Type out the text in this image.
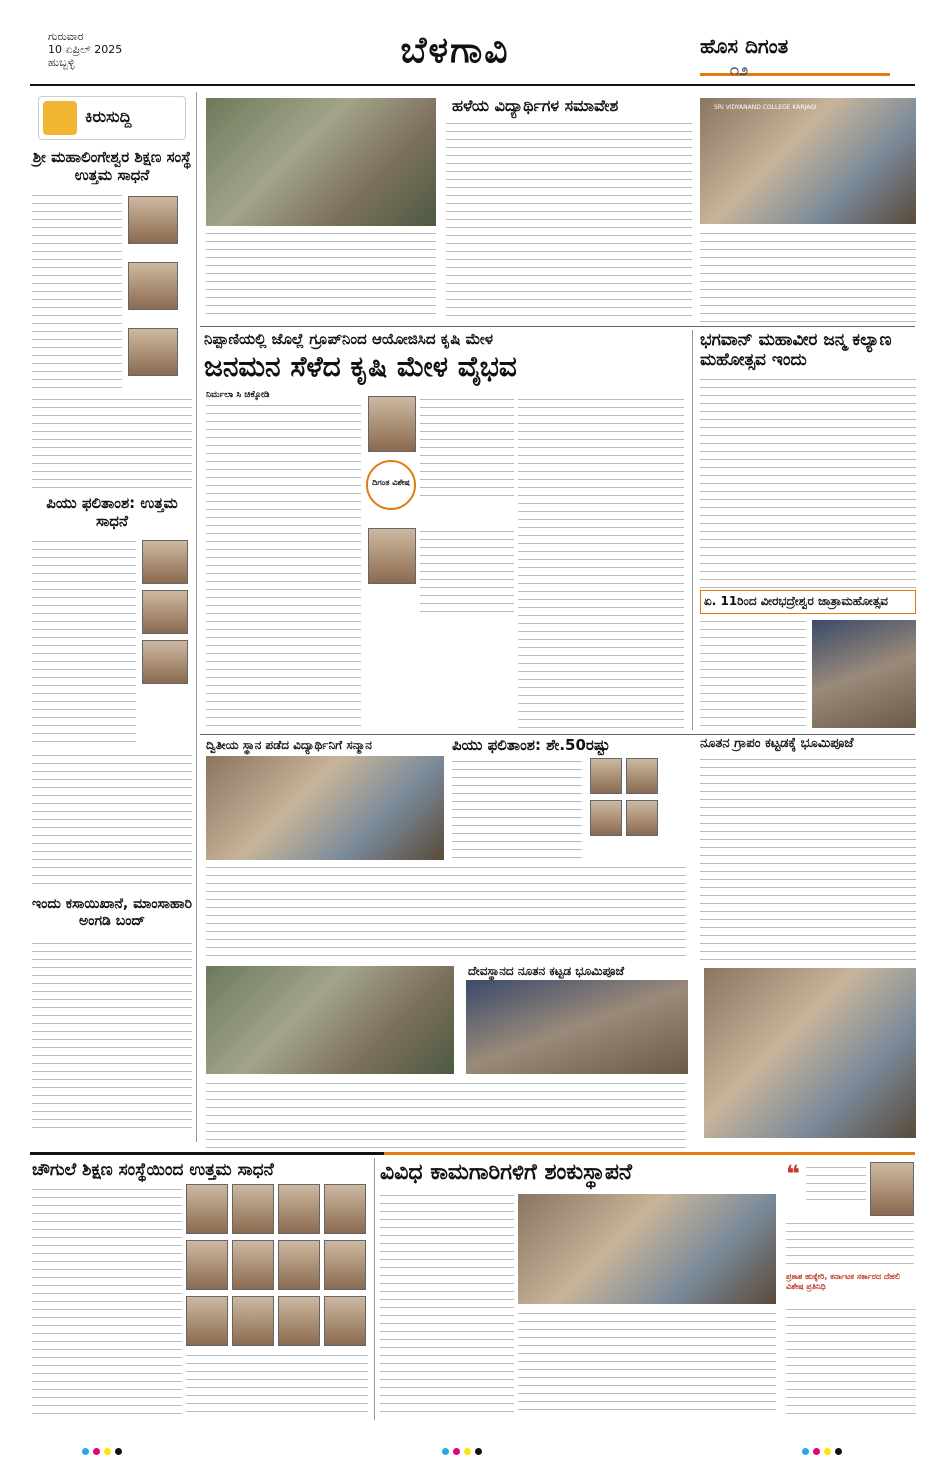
ಗುರುವಾರ
10 ಏಪ್ರಿಲ್ 2025
ಹುಬ್ಬಳ್ಳಿ	ಬೆಳಗಾವಿ	ಹೊಸ ದಿಗಂತ
೧೨
ಕಿರುಸುದ್ದಿ
ಶ್ರೀ ಮಹಾಲಿಂಗೇಶ್ವರ ಶಿಕ್ಷಣ ಸಂಸ್ಥೆ ಉತ್ತಮ ಸಾಧನೆ
ಪಿಯು ಫಲಿತಾಂಶ: ಉತ್ತಮ ಸಾಧನೆ
ಇಂದು ಕಸಾಯಿಖಾನೆ, ಮಾಂಸಾಹಾರಿ ಅಂಗಡಿ ಬಂದ್
ಹಳೆಯ ವಿದ್ಯಾರ್ಥಿಗಳ ಸಮಾವೇಶ	SRI VIDYANAND COLLEGE KARJAGI
ನಿಪ್ಪಾಣಿಯಲ್ಲಿ ಜೊಲ್ಲೆ ಗ್ರೂಪ್‌ನಿಂದ ಆಯೋಜಿಸಿದ ಕೃಷಿ ಮೇಳ
ಜನಮನ ಸೆಳೆದ ಕೃಷಿ ಮೇಳ ವೈಭವ
ನಿರ್ಮಲಾ ಸಿ ಚಿಕ್ಕೋಡಿ
ದಿಗಂತ ವಿಶೇಷ
ಭಗವಾನ್ ಮಹಾವೀರ ಜನ್ಮ ಕಲ್ಯಾಣ ಮಹೋತ್ಸವ ಇಂದು
ಏ. 11ರಿಂದ ವೀರಭದ್ರೇಶ್ವರ ಜಾತ್ರಾಮಹೋತ್ಸವ
ದ್ವಿತೀಯ ಸ್ಥಾನ ಪಡೆದ ವಿದ್ಯಾರ್ಥಿನಿಗೆ ಸನ್ಮಾನ	ಪಿಯು ಫಲಿತಾಂಶ: ಶೇ.50ರಷ್ಟು	ನೂತನ ಗ್ರಾಪಂ ಕಟ್ಟಡಕ್ಕೆ ಭೂಮಿಪೂಜೆ
ದೇವಸ್ಥಾನದ ನೂತನ ಕಟ್ಟಡ ಭೂಮಿಪೂಜೆ
ಚೌಗುಲೆ ಶಿಕ್ಷಣ ಸಂಸ್ಥೆಯಿಂದ ಉತ್ತಮ ಸಾಧನೆ	ವಿವಿಧ ಕಾಮಗಾರಿಗಳಿಗೆ ಶಂಕುಸ್ಥಾಪನೆ	❝
ಪ್ರಕಾಶ ಹುಕ್ಕೇರಿ, ಕರ್ನಾಟಕ ಸರ್ಕಾರದ ದೆಹಲಿ ವಿಶೇಷ ಪ್ರತಿನಿಧಿ
